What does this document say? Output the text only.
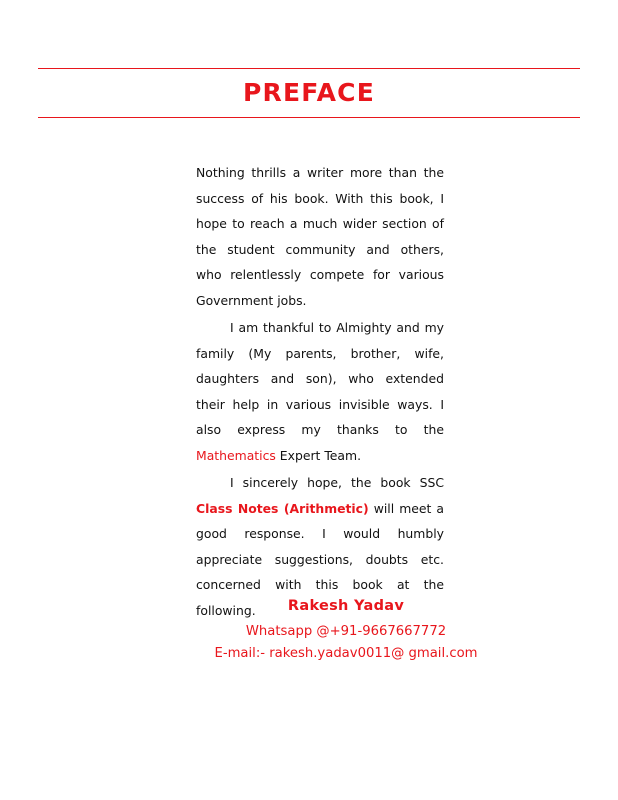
PREFACE

Nothing thrills a writer more than the success of his book. With this book, I hope to reach a much wider section of the student community and others, who relentlessly compete for various Government jobs.

I am thankful to Almighty and my family (My parents, brother, wife, daughters and son), who extended their help in various invisible ways. I also express my thanks to the Mathematics Expert Team.

I sincerely hope, the book SSC Class Notes (Arithmetic) will meet a good response. I would humbly appreciate suggestions, doubts etc. concerned with this book at the following.	Rakesh Yadav
Whatsapp @+91-9667667772
E-mail:- rakesh.yadav0011@ gmail.com
